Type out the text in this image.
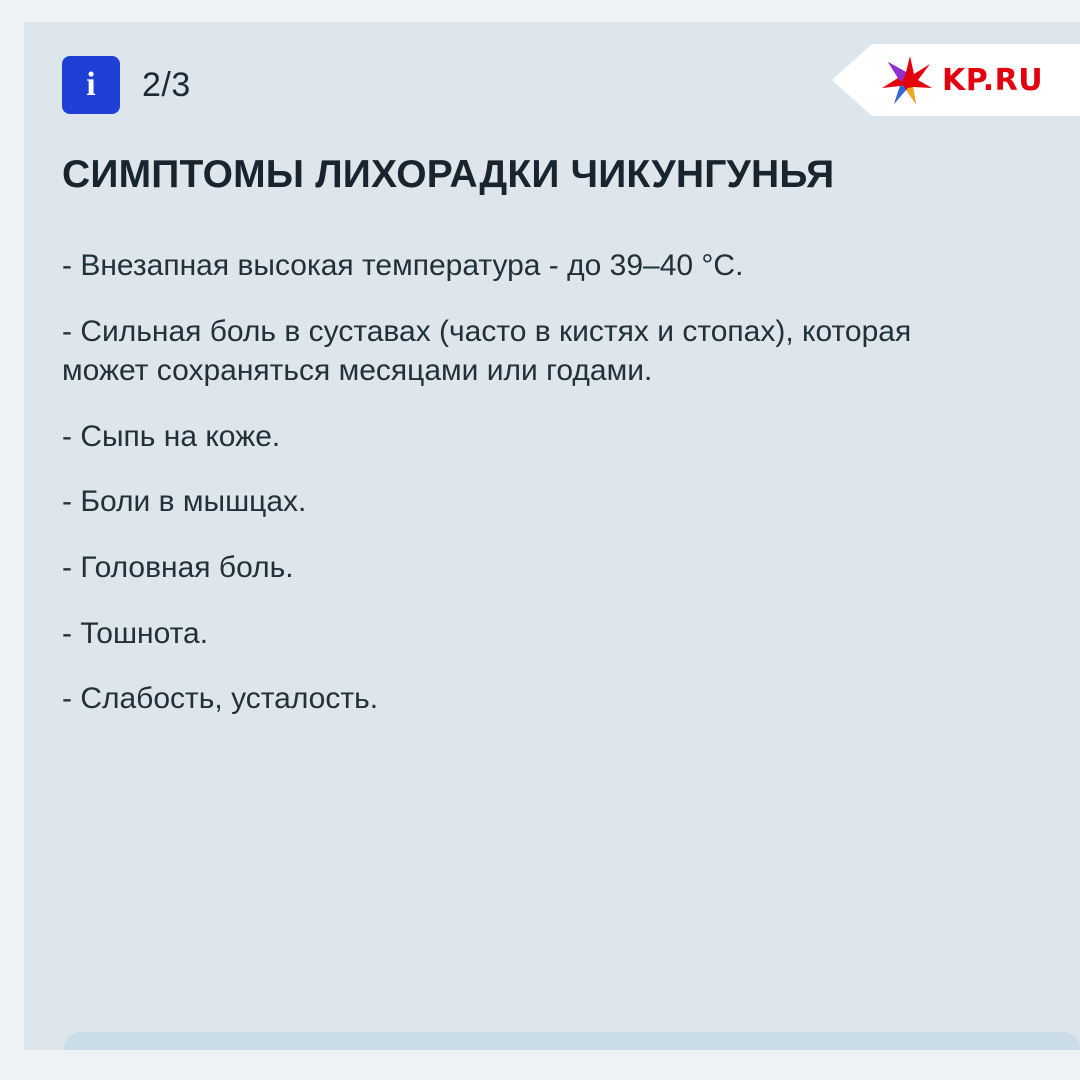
i 2/3	KP.RU
СИМПТОМЫ ЛИХОРАДКИ ЧИКУНГУНЬЯ
- Внезапная высокая температура - до 39–40 °C.
- Сильная боль в суставах (часто в кистях и стопах), которая может сохраняться месяцами или годами.
- Сыпь на коже.
- Боли в мышцах.
- Головная боль.
- Тошнота.
- Слабость, усталость.
